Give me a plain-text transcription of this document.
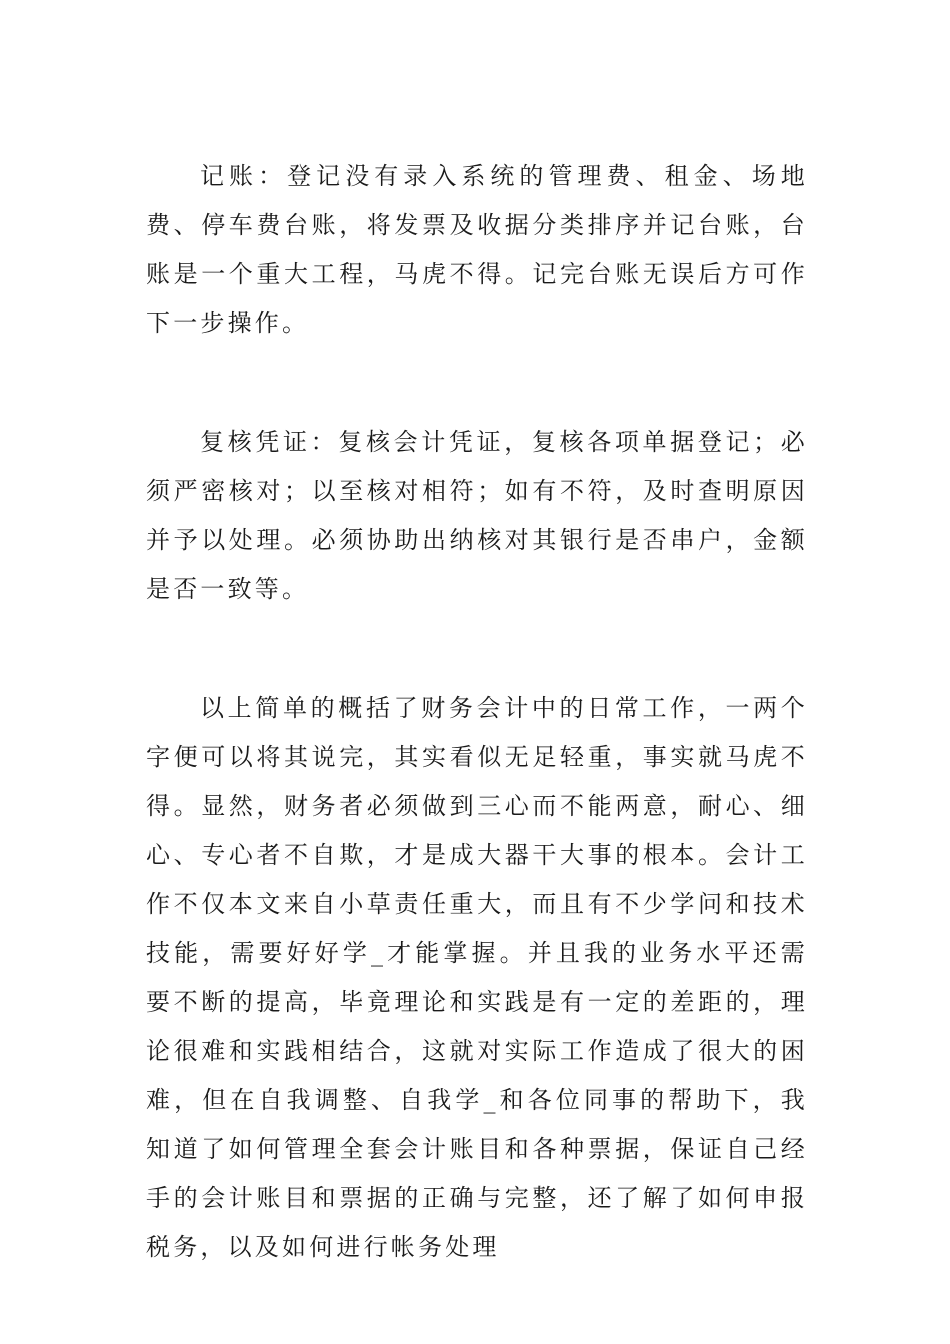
记账：登记没有录入系统的管理费、租金、场地费、停车费台账，将发票及收据分类排序并记台账，台账是一个重大工程，马虎不得。记完台账无误后方可作下一步操作。

复核凭证：复核会计凭证，复核各项单据登记；必须严密核对；以至核对相符；如有不符，及时查明原因并予以处理。必须协助出纳核对其银行是否串户，金额是否一致等。

以上简单的概括了财务会计中的日常工作，一两个字便可以将其说完，其实看似无足轻重，事实就马虎不得。显然，财务者必须做到三心而不能两意，耐心、细心、专心者不自欺，才是成大器干大事的根本。会计工作不仅本文来自小草责任重大，而且有不少学问和技术技能，需要好好学_才能掌握。并且我的业务水平还需要不断的提高，毕竟理论和实践是有一定的差距的，理论很难和实践相结合，这就对实际工作造成了很大的困难，但在自我调整、自我学_和各位同事的帮助下，我知道了如何管理全套会计账目和各种票据，保证自己经手的会计账目和票据的正确与完整，还了解了如何申报税务，以及如何进行帐务处理
